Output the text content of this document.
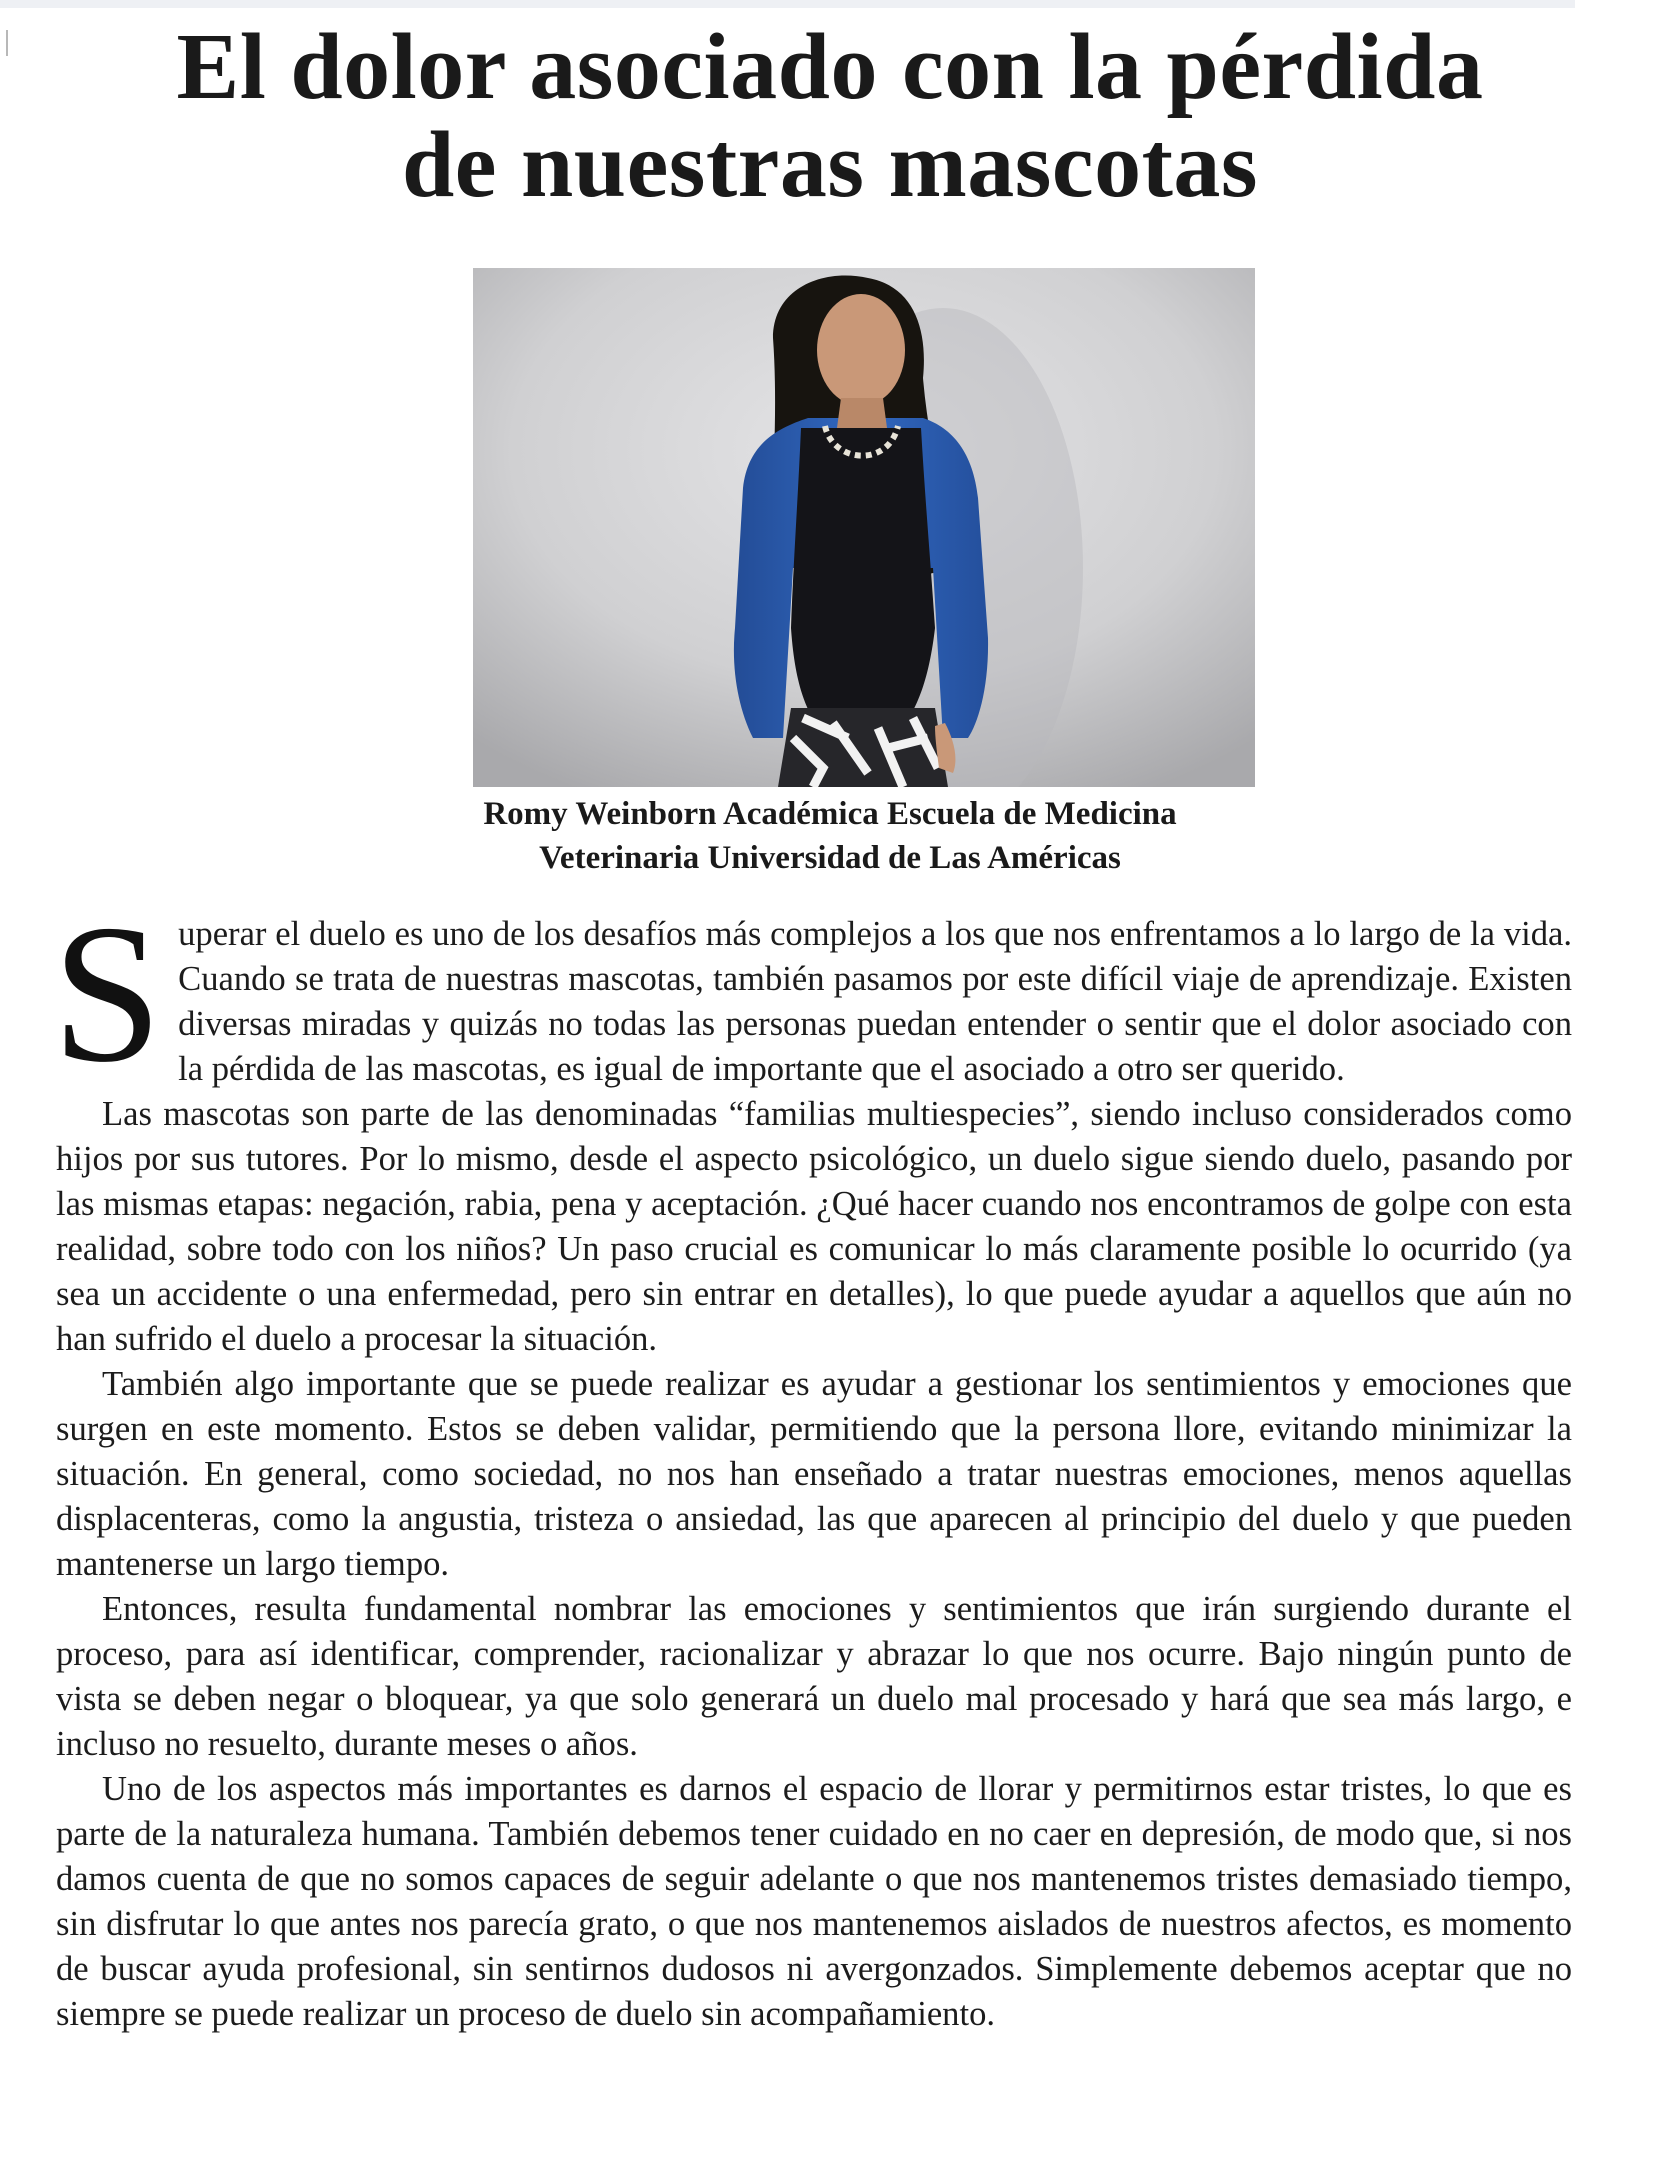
El dolor asociado con la pérdida
de nuestras mascotas
Romy Weinborn Académica Escuela de Medicina
Veterinaria Universidad de Las Américas

Superar el duelo es uno de los desafíos más complejos a los que nos enfrentamos a lo largo de la vida. Cuando se trata de nuestras mascotas, también pasamos por este difícil viaje de aprendizaje. Existen diversas miradas y quizás no todas las personas puedan entender o sentir que el dolor asociado con la pérdida de las mascotas, es igual de importante que el asociado a otro ser querido.

Las mascotas son parte de las denominadas “familias multiespecies”, siendo incluso considerados como hijos por sus tutores. Por lo mismo, desde el aspecto psicológico, un duelo sigue siendo duelo, pasando por las mismas etapas: negación, rabia, pena y aceptación. ¿Qué hacer cuando nos encontramos de golpe con esta realidad, sobre todo con los niños? Un paso crucial es comunicar lo más claramente posible lo ocurrido (ya sea un accidente o una enfermedad, pero sin entrar en detalles), lo que puede ayudar a aquellos que aún no han sufrido el duelo a procesar la situación.

También algo importante que se puede realizar es ayudar a gestionar los sentimientos y emociones que surgen en este momento. Estos se deben validar, permitiendo que la persona llore, evitando minimizar la situación. En general, como sociedad, no nos han enseñado a tratar nuestras emociones, menos aquellas displacenteras, como la angustia, tristeza o ansiedad, las que aparecen al principio del duelo y que pueden mantenerse un largo tiempo.

Entonces, resulta fundamental nombrar las emociones y sentimientos que irán surgiendo durante el proceso, para así identificar, comprender, racionalizar y abrazar lo que nos ocurre. Bajo ningún punto de vista se deben negar o bloquear, ya que solo generará un duelo mal procesado y hará que sea más largo, e incluso no resuelto, durante meses o años.

Uno de los aspectos más importantes es darnos el espacio de llorar y permitirnos estar tristes, lo que es parte de la naturaleza humana. También debemos tener cuidado en no caer en depresión, de modo que, si nos damos cuenta de que no somos capaces de seguir adelante o que nos mantenemos tristes demasiado tiempo, sin disfrutar lo que antes nos parecía grato, o que nos mantenemos aislados de nuestros afectos, es momento de buscar ayuda profesional, sin sentirnos dudosos ni avergonzados. Simplemente debemos aceptar que no siempre se puede realizar un proceso de duelo sin acompañamiento.
